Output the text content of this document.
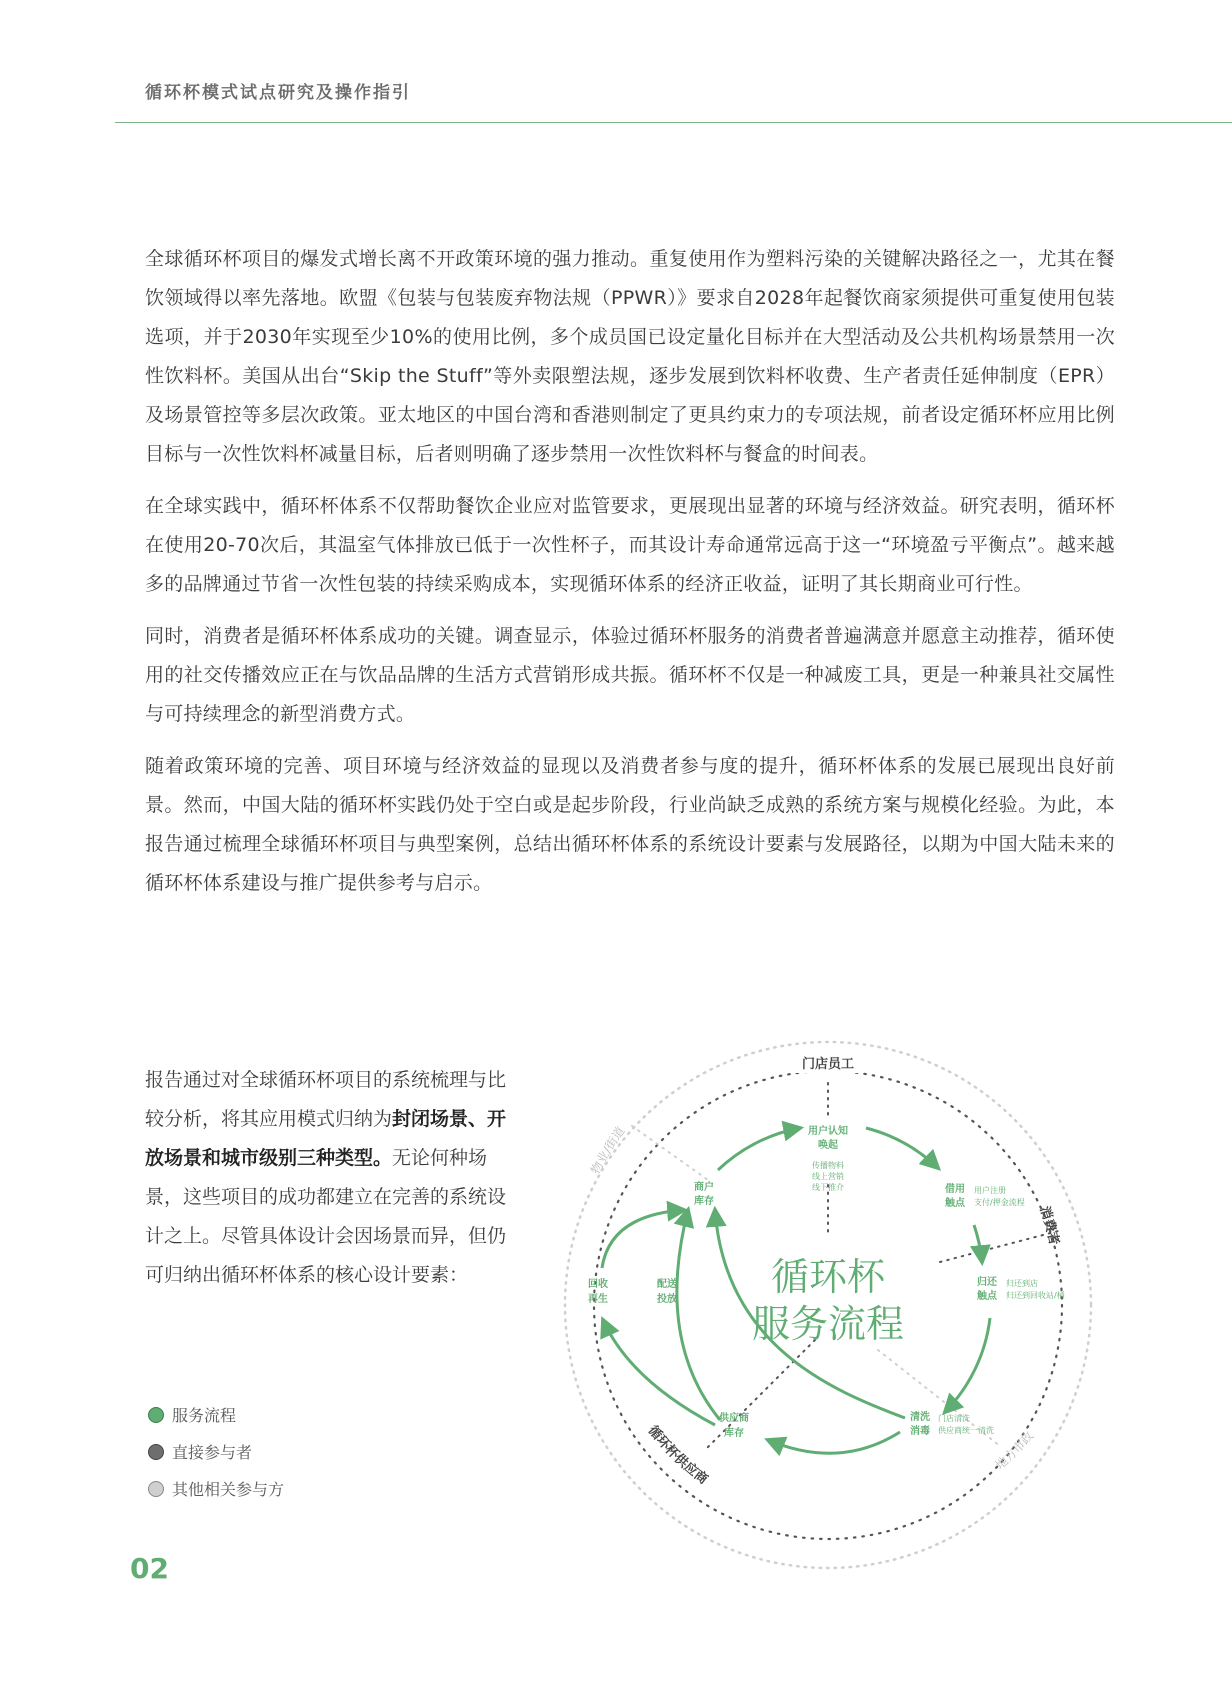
循环杯模式试点研究及操作指引

全球循环杯项目的爆发式增长离不开政策环境的强力推动。重复使用作为塑料污染的关键解决路径之一，尤其在餐饮领域得以率先落地。欧盟《包装与包装废弃物法规（PPWR）》要求自2028年起餐饮商家须提供可重复使用包装选项，并于2030年实现至少10%的使用比例，多个成员国已设定量化目标并在大型活动及公共机构场景禁用一次性饮料杯。美国从出台“Skip the Stuff”等外卖限塑法规，逐步发展到饮料杯收费、生产者责任延伸制度（EPR）及场景管控等多层次政策。亚太地区的中国台湾和香港则制定了更具约束力的专项法规，前者设定循环杯应用比例目标与一次性饮料杯减量目标，后者则明确了逐步禁用一次性饮料杯与餐盒的时间表。

在全球实践中，循环杯体系不仅帮助餐饮企业应对监管要求，更展现出显著的环境与经济效益。研究表明，循环杯在使用20-70次后，其温室气体排放已低于一次性杯子，而其设计寿命通常远高于这一“环境盈亏平衡点”。越来越多的品牌通过节省一次性包装的持续采购成本，实现循环体系的经济正收益，证明了其长期商业可行性。

同时，消费者是循环杯体系成功的关键。调查显示，体验过循环杯服务的消费者普遍满意并愿意主动推荐，循环使用的社交传播效应正在与饮品品牌的生活方式营销形成共振。循环杯不仅是一种减废工具，更是一种兼具社交属性与可持续理念的新型消费方式。

随着政策环境的完善、项目环境与经济效益的显现以及消费者参与度的提升，循环杯体系的发展已展现出良好前景。然而，中国大陆的循环杯实践仍处于空白或是起步阶段，行业尚缺乏成熟的系统方案与规模化经验。为此，本报告通过梳理全球循环杯项目与典型案例，总结出循环杯体系的系统设计要素与发展路径，以期为中国大陆未来的循环杯体系建设与推广提供参考与启示。

报告通过对全球循环杯项目的系统梳理与比较分析，将其应用模式归纳为封闭场景、开放场景和城市级别三种类型。无论何种场景，这些项目的成功都建立在完善的系统设计之上。尽管具体设计会因场景而异，但仍可归纳出循环杯体系的核心设计要素：

服务流程
直接参与者
其他相关参与方
循环杯
服务流程
门店员工
消费者
循环杯供应商
物业/街道
地方市政
用户认知
唤起
传播物料
线上营销
线下推介	借用
触点
用户注册
支付/押金流程
归还
触点
归还到店
归还到回收站/桶
清洗
消毒
门店清洗
供应商统一清洗
供应商
库存
商户
库存
回收
再生
配送
投放
02
